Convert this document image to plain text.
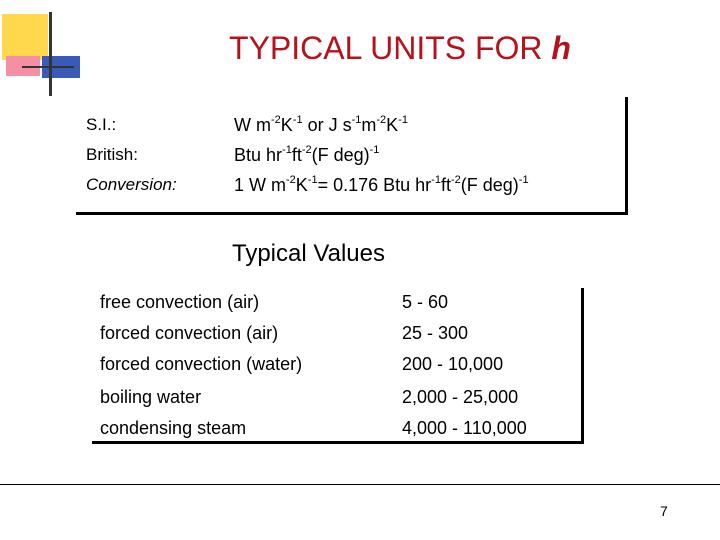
TYPICAL UNITS FOR h
S.I.:	W $m^{-2}K^{-1}$ or J $s^{-1}m^{-2}K^{-1}$
British:	Btu $hr^{-1}ft^{-2}(F$ deg)$^{-1}$
Conversion:	1 W $m^{-2}K^{-1}= 0.176$ Btu $hr^{-1}ft^{-2}(F$ deg)$^{-1}$
Typical Values
free convection (air)	5 - 60
forced convection (air)	25 - 300
forced convection (water)	200 - 10,000
boiling water	2,000 - 25,000
condensing steam	4,000 - 110,000
7
